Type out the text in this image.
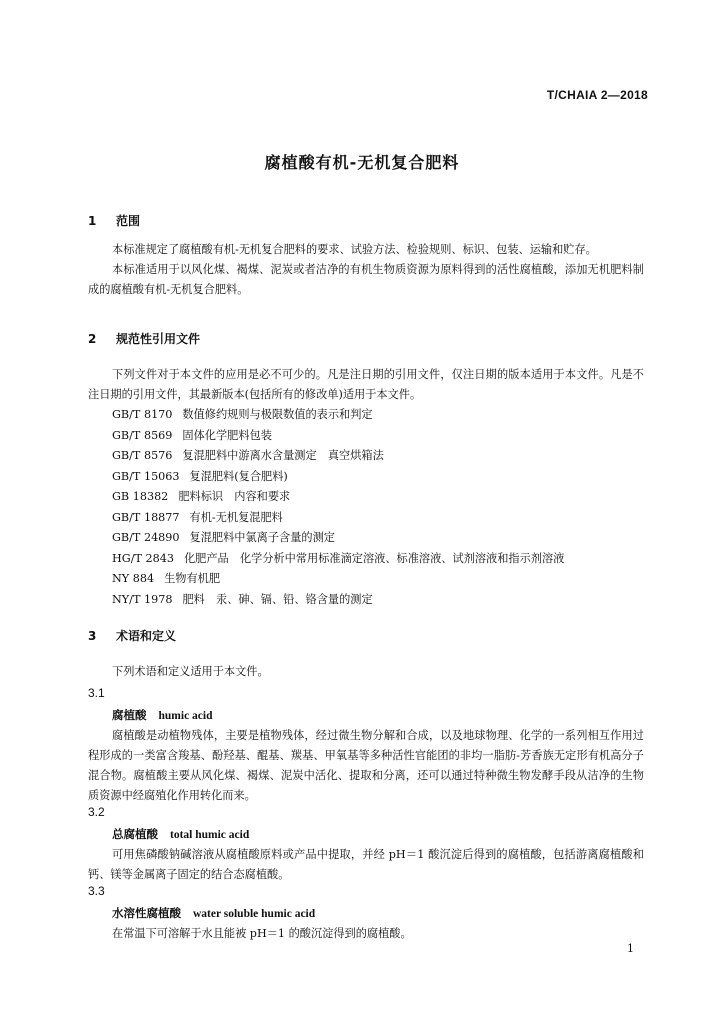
T/CHAIA 2—2018
腐植酸有机-无机复合肥料
1 范围

本标准规定了腐植酸有机-无机复合肥料的要求、试验方法、检验规则、标识、包装、运输和贮存。

本标准适用于以风化煤、褐煤、泥炭或者洁净的有机生物质资源为原料得到的活性腐植酸，添加无机肥料制成的腐植酸有机-无机复合肥料。

2 规范性引用文件

下列文件对于本文件的应用是必不可少的。凡是注日期的引用文件，仅注日期的版本适用于本文件。凡是不注日期的引用文件，其最新版本(包括所有的修改单)适用于本文件。

GB/T 8170 数值修约规则与极限数值的表示和判定
GB/T 8569 固体化学肥料包装
GB/T 8576 复混肥料中游离水含量测定　真空烘箱法
GB/T 15063 复混肥料(复合肥料)
GB 18382 肥料标识　内容和要求
GB/T 18877 有机-无机复混肥料
GB/T 24890 复混肥料中氯离子含量的测定
HG/T 2843 化肥产品　化学分析中常用标准滴定溶液、标准溶液、试剂溶液和指示剂溶液
NY 884 生物有机肥
NY/T 1978 肥料　汞、砷、镉、铅、铬含量的测定
3 术语和定义

下列术语和定义适用于本文件。

3.1
腐植酸 humic acid

腐植酸是动植物残体，主要是植物残体，经过微生物分解和合成，以及地球物理、化学的一系列相互作用过程形成的一类富含羧基、酚羟基、醌基、羰基、甲氧基等多种活性官能团的非均一脂肪-芳香族无定形有机高分子混合物。腐植酸主要从风化煤、褐煤、泥炭中活化、提取和分离，还可以通过特种微生物发酵手段从洁净的生物质资源中经腐殖化作用转化而来。

3.2
总腐植酸 total humic acid

可用焦磷酸钠碱溶液从腐植酸原料或产品中提取，并经 pH＝1 酸沉淀后得到的腐植酸，包括游离腐植酸和钙、镁等金属离子固定的结合态腐植酸。

3.3
水溶性腐植酸 water soluble humic acid

在常温下可溶解于水且能被 pH＝1 的酸沉淀得到的腐植酸。

1
